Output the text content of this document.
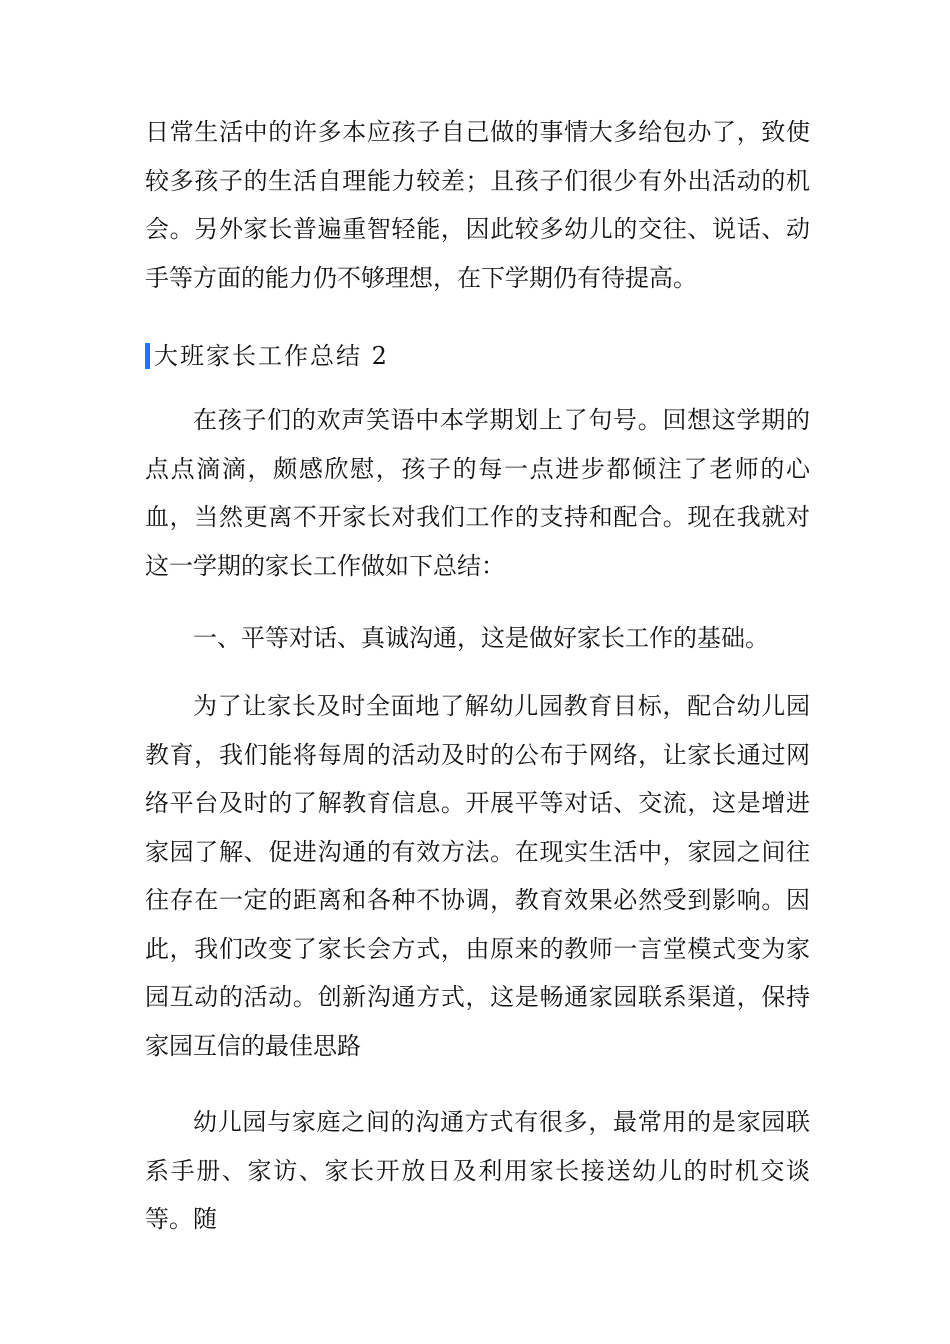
日常生活中的许多本应孩子自己做的事情大多给包办了，致使较多孩子的生活自理能力较差；且孩子们很少有外出活动的机会。另外家长普遍重智轻能，因此较多幼儿的交往、说话、动手等方面的能力仍不够理想，在下学期仍有待提高。

大班家长工作总结 2

在孩子们的欢声笑语中本学期划上了句号。回想这学期的点点滴滴，颇感欣慰，孩子的每一点进步都倾注了老师的心血，当然更离不开家长对我们工作的支持和配合。现在我就对这一学期的家长工作做如下总结：

一、平等对话、真诚沟通，这是做好家长工作的基础。

为了让家长及时全面地了解幼儿园教育目标，配合幼儿园教育，我们能将每周的活动及时的公布于网络，让家长通过网络平台及时的了解教育信息。开展平等对话、交流，这是增进家园了解、促进沟通的有效方法。在现实生活中，家园之间往往存在一定的距离和各种不协调，教育效果必然受到影响。因此，我们改变了家长会方式，由原来的教师一言堂模式变为家园互动的活动。创新沟通方式，这是畅通家园联系渠道，保持家园互信的最佳思路

幼儿园与家庭之间的沟通方式有很多，最常用的是家园联系手册、家访、家长开放日及利用家长接送幼儿的时机交谈等。随
